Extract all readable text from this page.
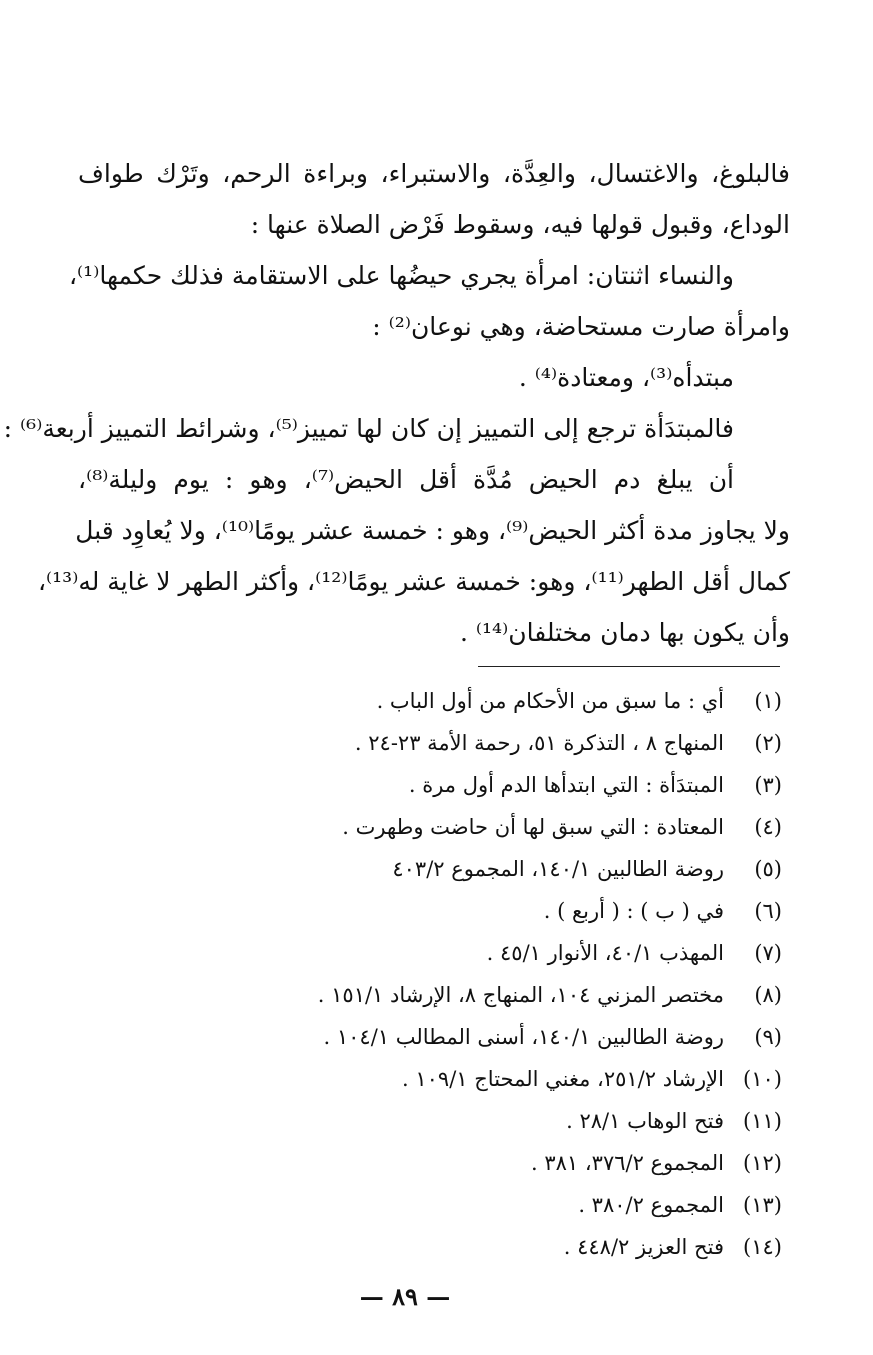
فالبلوغ، والاغتسال، والعِدَّة، والاستبراء، وبراءة الرحم، وتَرْك طواف
الوداع، وقبول قولها فيه، وسقوط فَرْض الصلاة عنها :
والنساء اثنتان: امرأة يجري حيضُها على الاستقامة فذلك حكمها⁽¹⁾،
وامرأة صارت مستحاضة، وهي نوعان⁽²⁾ :
مبتدأه⁽³⁾، ومعتادة⁽⁴⁾ .
فالمبتدَأة ترجع إلى التمييز إن كان لها تمييز⁽⁵⁾، وشرائط التمييز أربعة⁽⁶⁾ :
أن يبلغ دم الحيض مُدَّة أقل الحيض⁽⁷⁾، وهو : يوم وليلة⁽⁸⁾،
ولا يجاوز مدة أكثر الحيض⁽⁹⁾، وهو : خمسة عشر يومًا⁽¹⁰⁾، ولا يُعاوِد قبل
كمال أقل الطهر⁽¹¹⁾، وهو: خمسة عشر يومًا⁽¹²⁾، وأكثر الطهر لا غاية له⁽¹³⁾،
وأن يكون بها دمان مختلفان⁽¹⁴⁾ .
(١)أي : ما سبق من الأحكام من أول الباب .
(٢)المنهاج ٨ ، التذكرة ٥١، رحمة الأمة ٢٣-٢٤ .
(٣)المبتدَأة : التي ابتدأها الدم أول مرة .
(٤)المعتادة : التي سبق لها أن حاضت وطهرت .
(٥)روضة الطالبين ١٤٠/١، المجموع ٤٠٣/٢
(٦)في ( ب ) : ( أربع ) .
(٧)المهذب ٤٠/١، الأنوار ٤٥/١ .
(٨)مختصر المزني ١٠٤، المنهاج ٨، الإرشاد ١٥١/١ .
(٩)روضة الطالبين ١٤٠/١، أسنى المطالب ١٠٤/١ .
(١٠)الإرشاد ٢٥١/٢، مغني المحتاج ١٠٩/١ .
(١١)فتح الوهاب ٢٨/١ .
(١٢)المجموع ٣٧٦/٢، ٣٨١ .
(١٣)المجموع ٣٨٠/٢ .
(١٤)فتح العزيز ٤٤٨/٢ .
— ٨٩ —
